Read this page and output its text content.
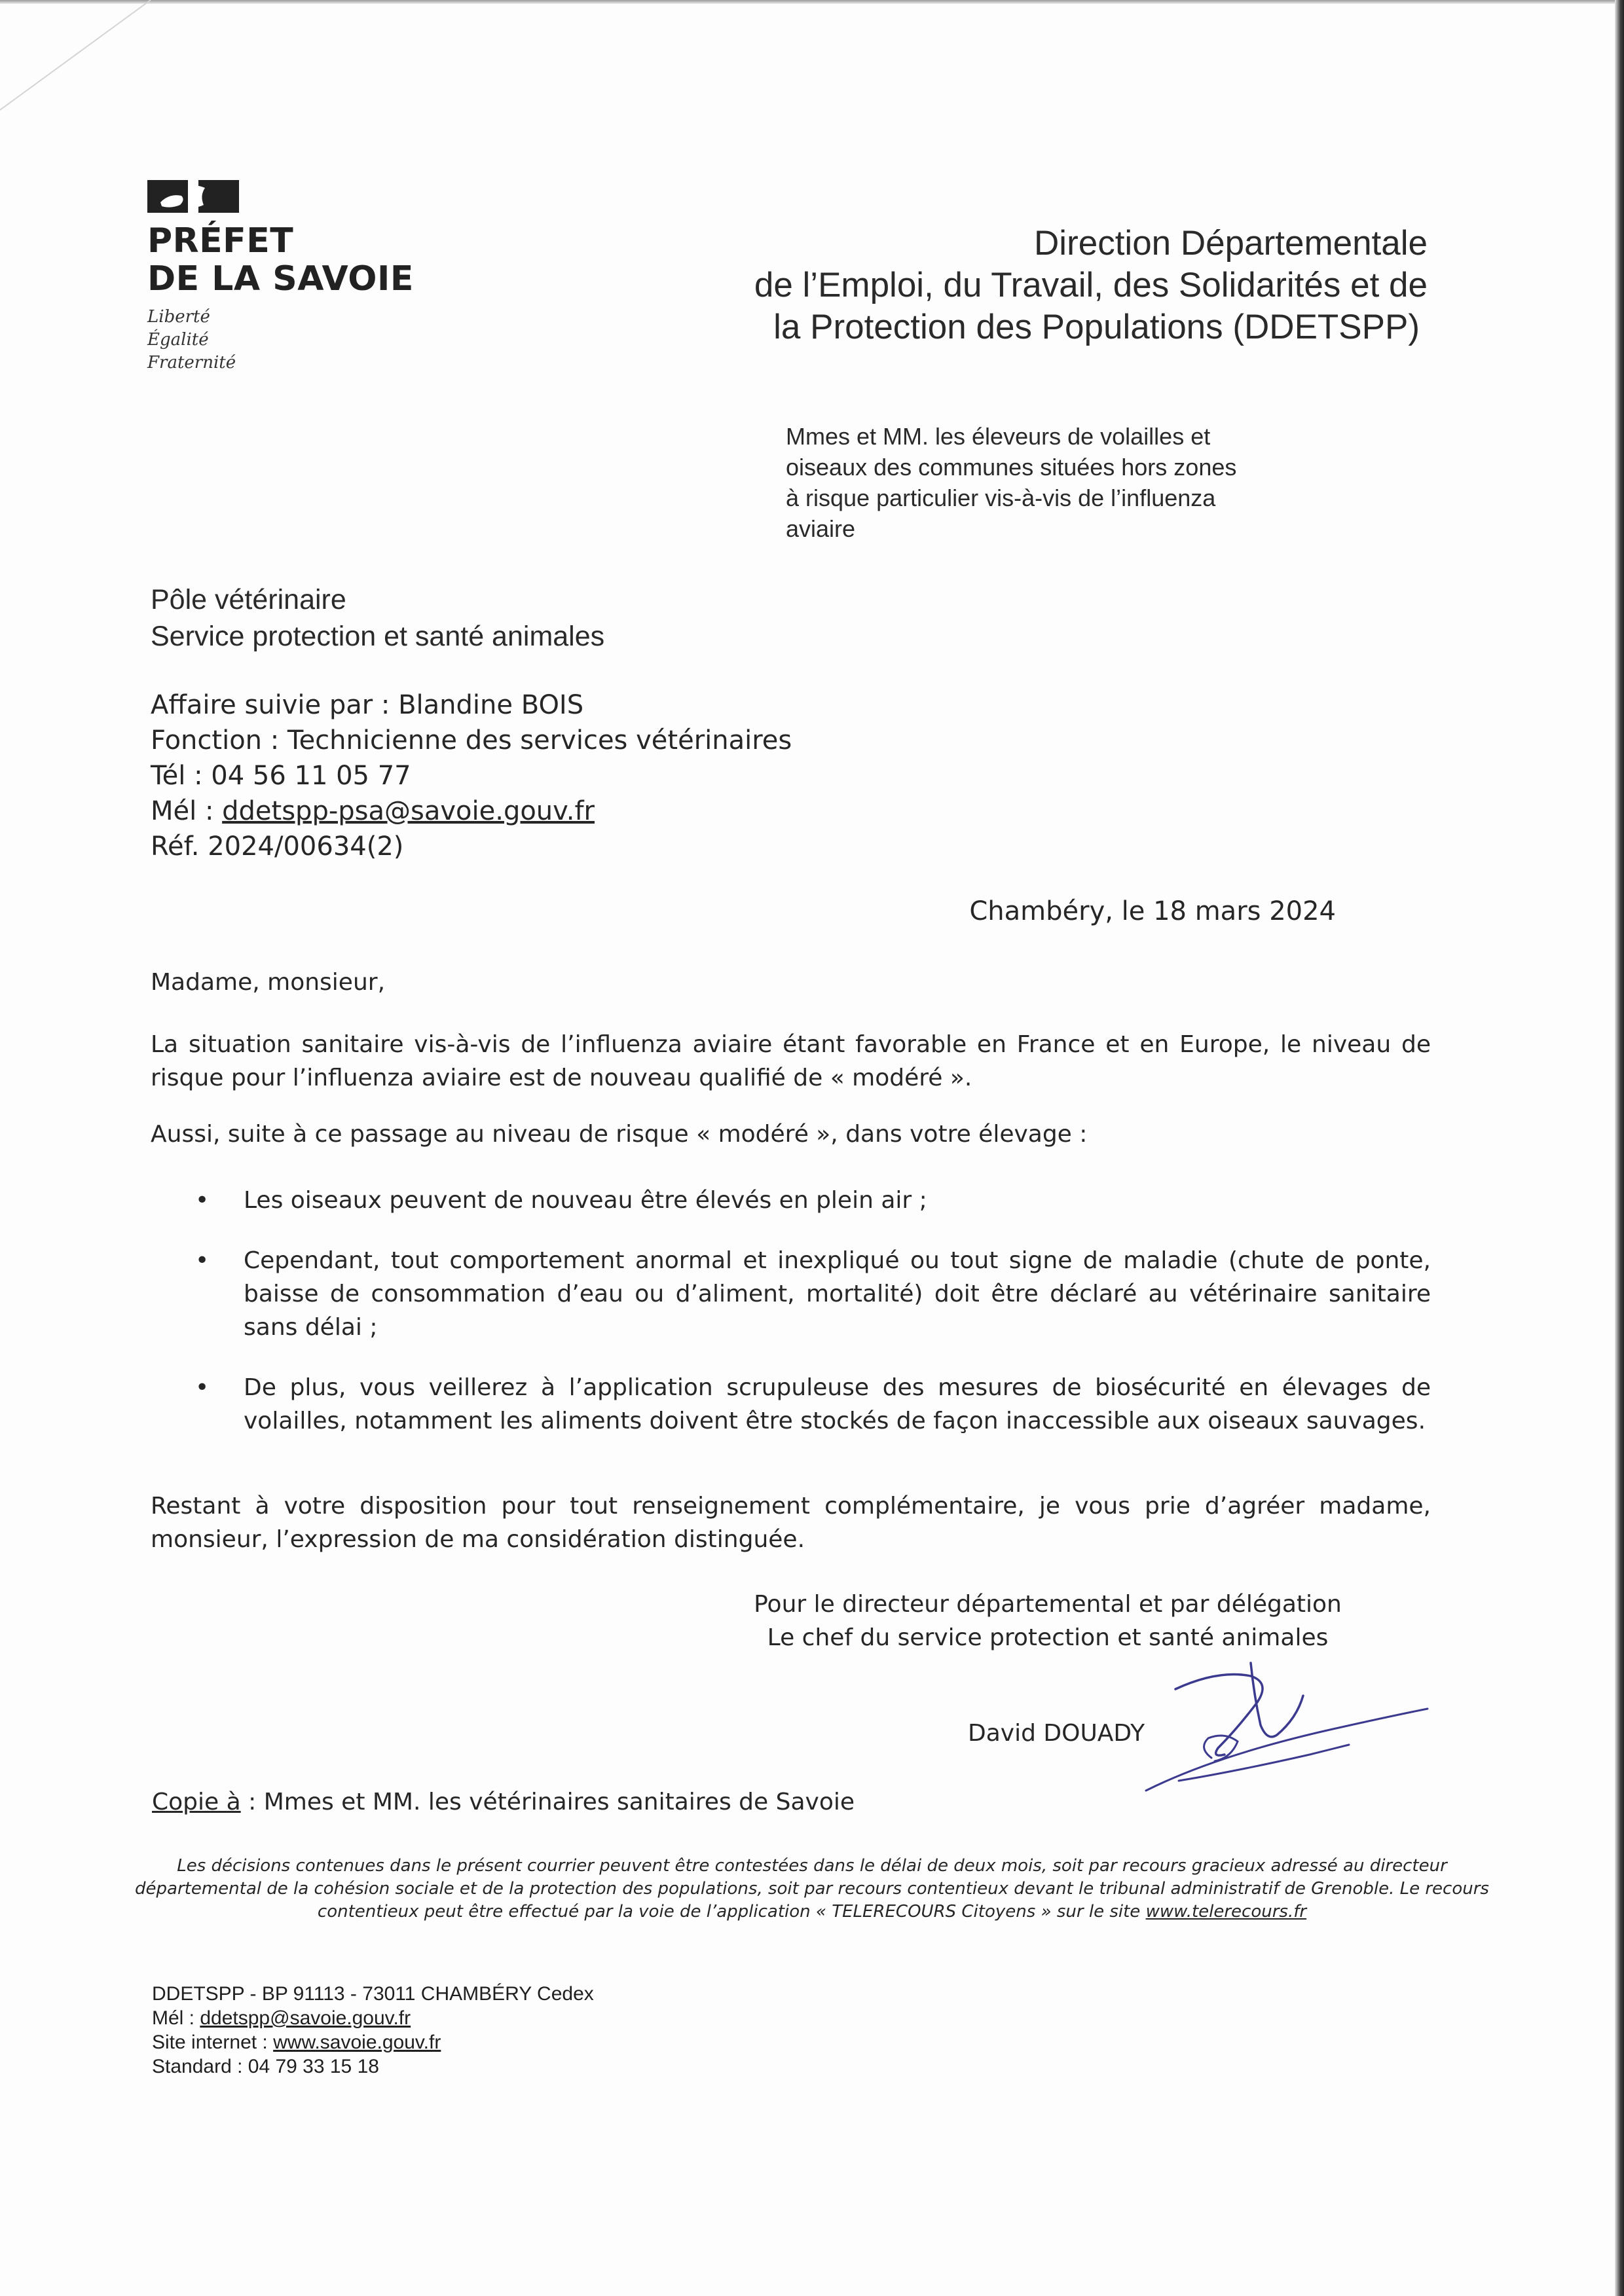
PRÉFET
DE LA SAVOIE
Liberté
Égalité
Fraternité
Direction Départementale
de l’Emploi, du Travail, des Solidarités et de
la Protection des Populations (DDETSPP)
Mmes et MM. les éleveurs de volailles et
oiseaux des communes situées hors zones
à risque particulier vis-à-vis de l’influenza
aviaire
Pôle vétérinaire
Service protection et santé animales
Affaire suivie par : Blandine BOIS
Fonction : Technicienne des services vétérinaires
Tél : 04 56 11 05 77
Mél : ddetspp-psa@savoie.gouv.fr
Réf. 2024/00634(2)
Chambéry, le 18 mars 2024
Madame, monsieur,
La situation sanitaire vis-à-vis de l’influenza aviaire étant favorable en France et en Europe, le niveau de risque pour l’influenza aviaire est de nouveau qualifié de « modéré ».
Aussi, suite à ce passage au niveau de risque « modéré », dans votre élevage :
• Les oiseaux peuvent de nouveau être élevés en plein air ;
• Cependant, tout comportement anormal et inexpliqué ou tout signe de maladie (chute de ponte, baisse de consommation d’eau ou d’aliment, mortalité) doit être déclaré au vétérinaire sanitaire sans délai ;
• De plus, vous veillerez à l’application scrupuleuse des mesures de biosécurité en élevages de volailles, notamment les aliments doivent être stockés de façon inaccessible aux oiseaux sauvages.
Restant à votre disposition pour tout renseignement complémentaire, je vous prie d’agréer madame, monsieur, l’expression de ma considération distinguée.
Pour le directeur départemental et par délégation
Le chef du service protection et santé animales
David DOUADY
Copie à : Mmes et MM. les vétérinaires sanitaires de Savoie
Les décisions contenues dans le présent courrier peuvent être contestées dans le délai de deux mois, soit par recours gracieux adressé au directeur
départemental de la cohésion sociale et de la protection des populations, soit par recours contentieux devant le tribunal administratif de Grenoble. Le recours
contentieux peut être effectué par la voie de l’application « TELERECOURS Citoyens » sur le site www.telerecours.fr
DDETSPP - BP 91113 - 73011 CHAMBÉRY Cedex
Mél : ddetspp@savoie.gouv.fr
Site internet : www.savoie.gouv.fr
Standard : 04 79 33 15 18
